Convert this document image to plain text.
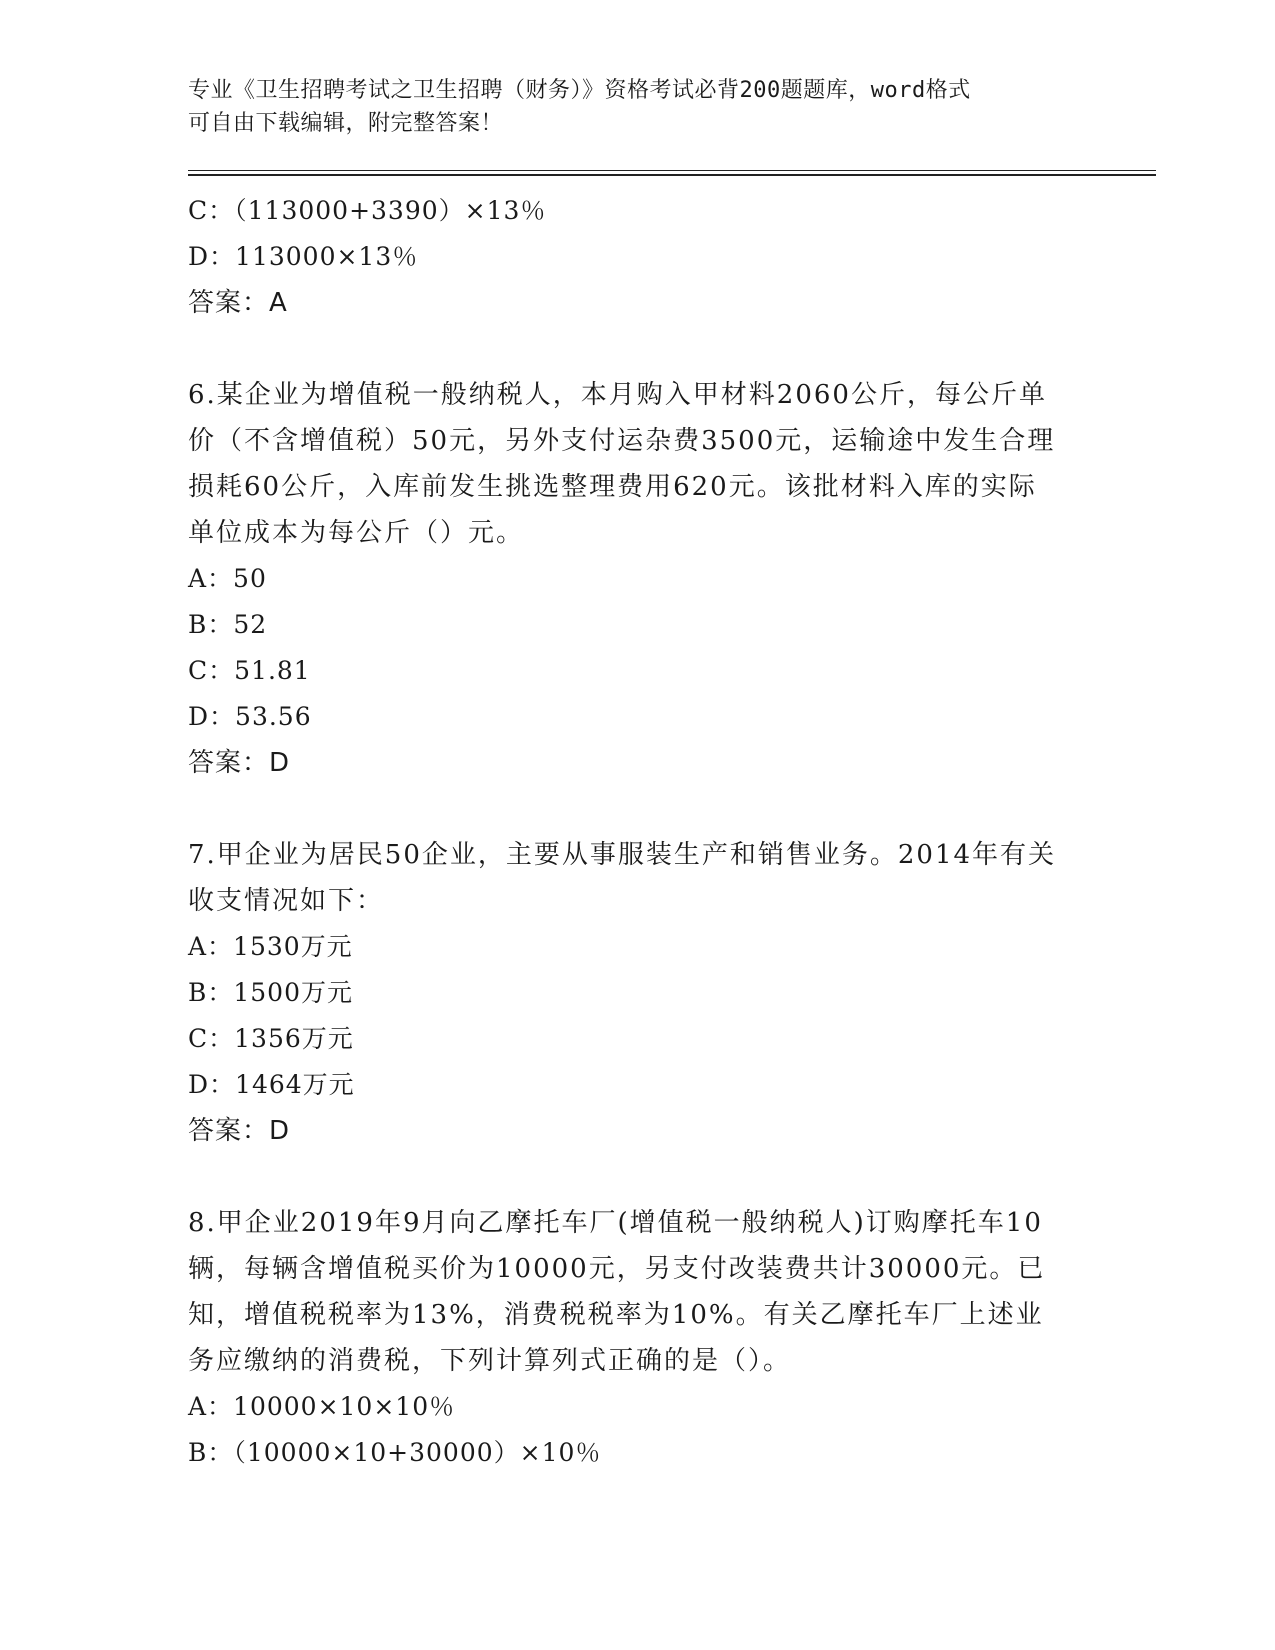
专业《卫生招聘考试之卫生招聘（财务）》资格考试必背200题题库，word格式
可自由下载编辑，附完整答案！
C：（113000+3390）×13％
D：113000×13％
答案：A
6.某企业为增值税一般纳税人，本月购入甲材料2060公斤，每公斤单
价（不含增值税）50元，另外支付运杂费3500元，运输途中发生合理
损耗60公斤，入库前发生挑选整理费用620元。该批材料入库的实际
单位成本为每公斤（）元。
A：50
B：52
C：51.81
D：53.56
答案：D
7.甲企业为居民50企业，主要从事服装生产和销售业务。2014年有关
收支情况如下：
A：1530万元
B：1500万元
C：1356万元
D：1464万元
答案：D
8.甲企业2019年9月向乙摩托车厂(增值税一般纳税人)订购摩托车10
辆，每辆含增值税买价为10000元，另支付改装费共计30000元。已
知，增值税税率为13%，消费税税率为10%。有关乙摩托车厂上述业
务应缴纳的消费税，下列计算列式正确的是（）。
A：10000×10×10％
B：（10000×10+30000）×10％
